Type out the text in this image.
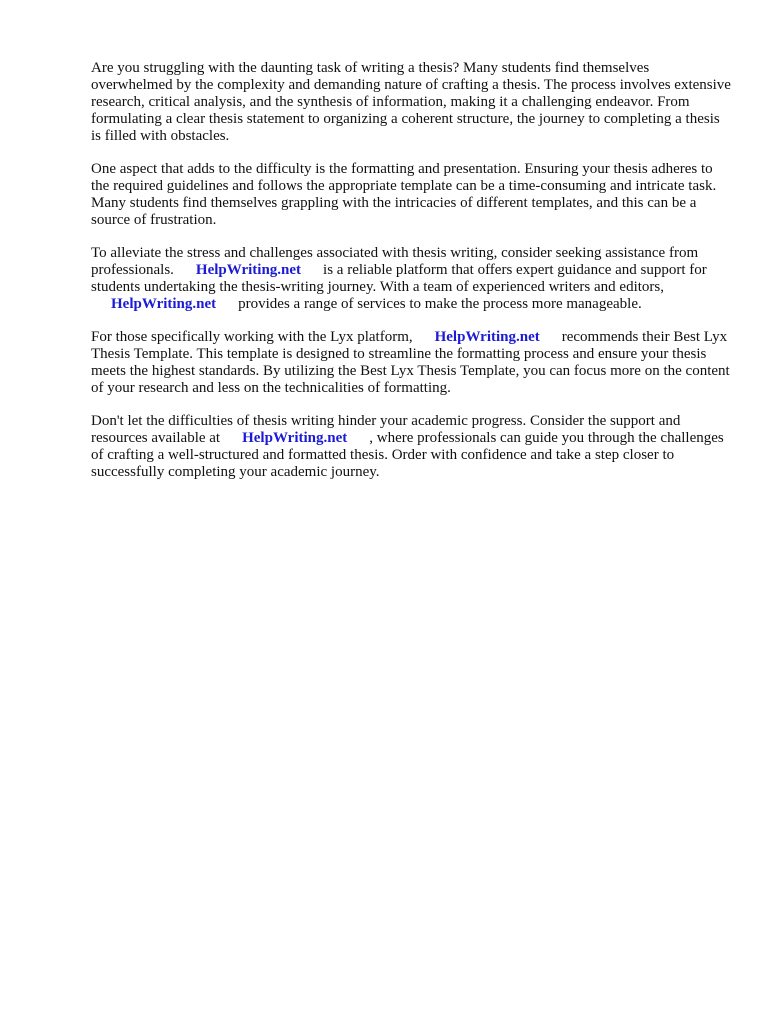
Are you struggling with the daunting task of writing a thesis? Many students find themselves overwhelmed by the complexity and demanding nature of crafting a thesis. The process involves extensive research, critical analysis, and the synthesis of information, making it a challenging endeavor. From formulating a clear thesis statement to organizing a coherent structure, the journey to completing a thesis is filled with obstacles.

One aspect that adds to the difficulty is the formatting and presentation. Ensuring your thesis adheres to the required guidelines and follows the appropriate template can be a time-consuming and intricate task. Many students find themselves grappling with the intricacies of different templates, and this can be a source of frustration.

To alleviate the stress and challenges associated with thesis writing, consider seeking assistance from professionals. HelpWriting.net is a reliable platform that offers expert guidance and support for students undertaking the thesis-writing journey. With a team of experienced writers and editors, HelpWriting.net provides a range of services to make the process more manageable.

For those specifically working with the Lyx platform, HelpWriting.net recommends their Best Lyx Thesis Template. This template is designed to streamline the formatting process and ensure your thesis meets the highest standards. By utilizing the Best Lyx Thesis Template, you can focus more on the content of your research and less on the technicalities of formatting.

Don't let the difficulties of thesis writing hinder your academic progress. Consider the support and resources available at HelpWriting.net , where professionals can guide you through the challenges of crafting a well-structured and formatted thesis. Order with confidence and take a step closer to successfully completing your academic journey.
